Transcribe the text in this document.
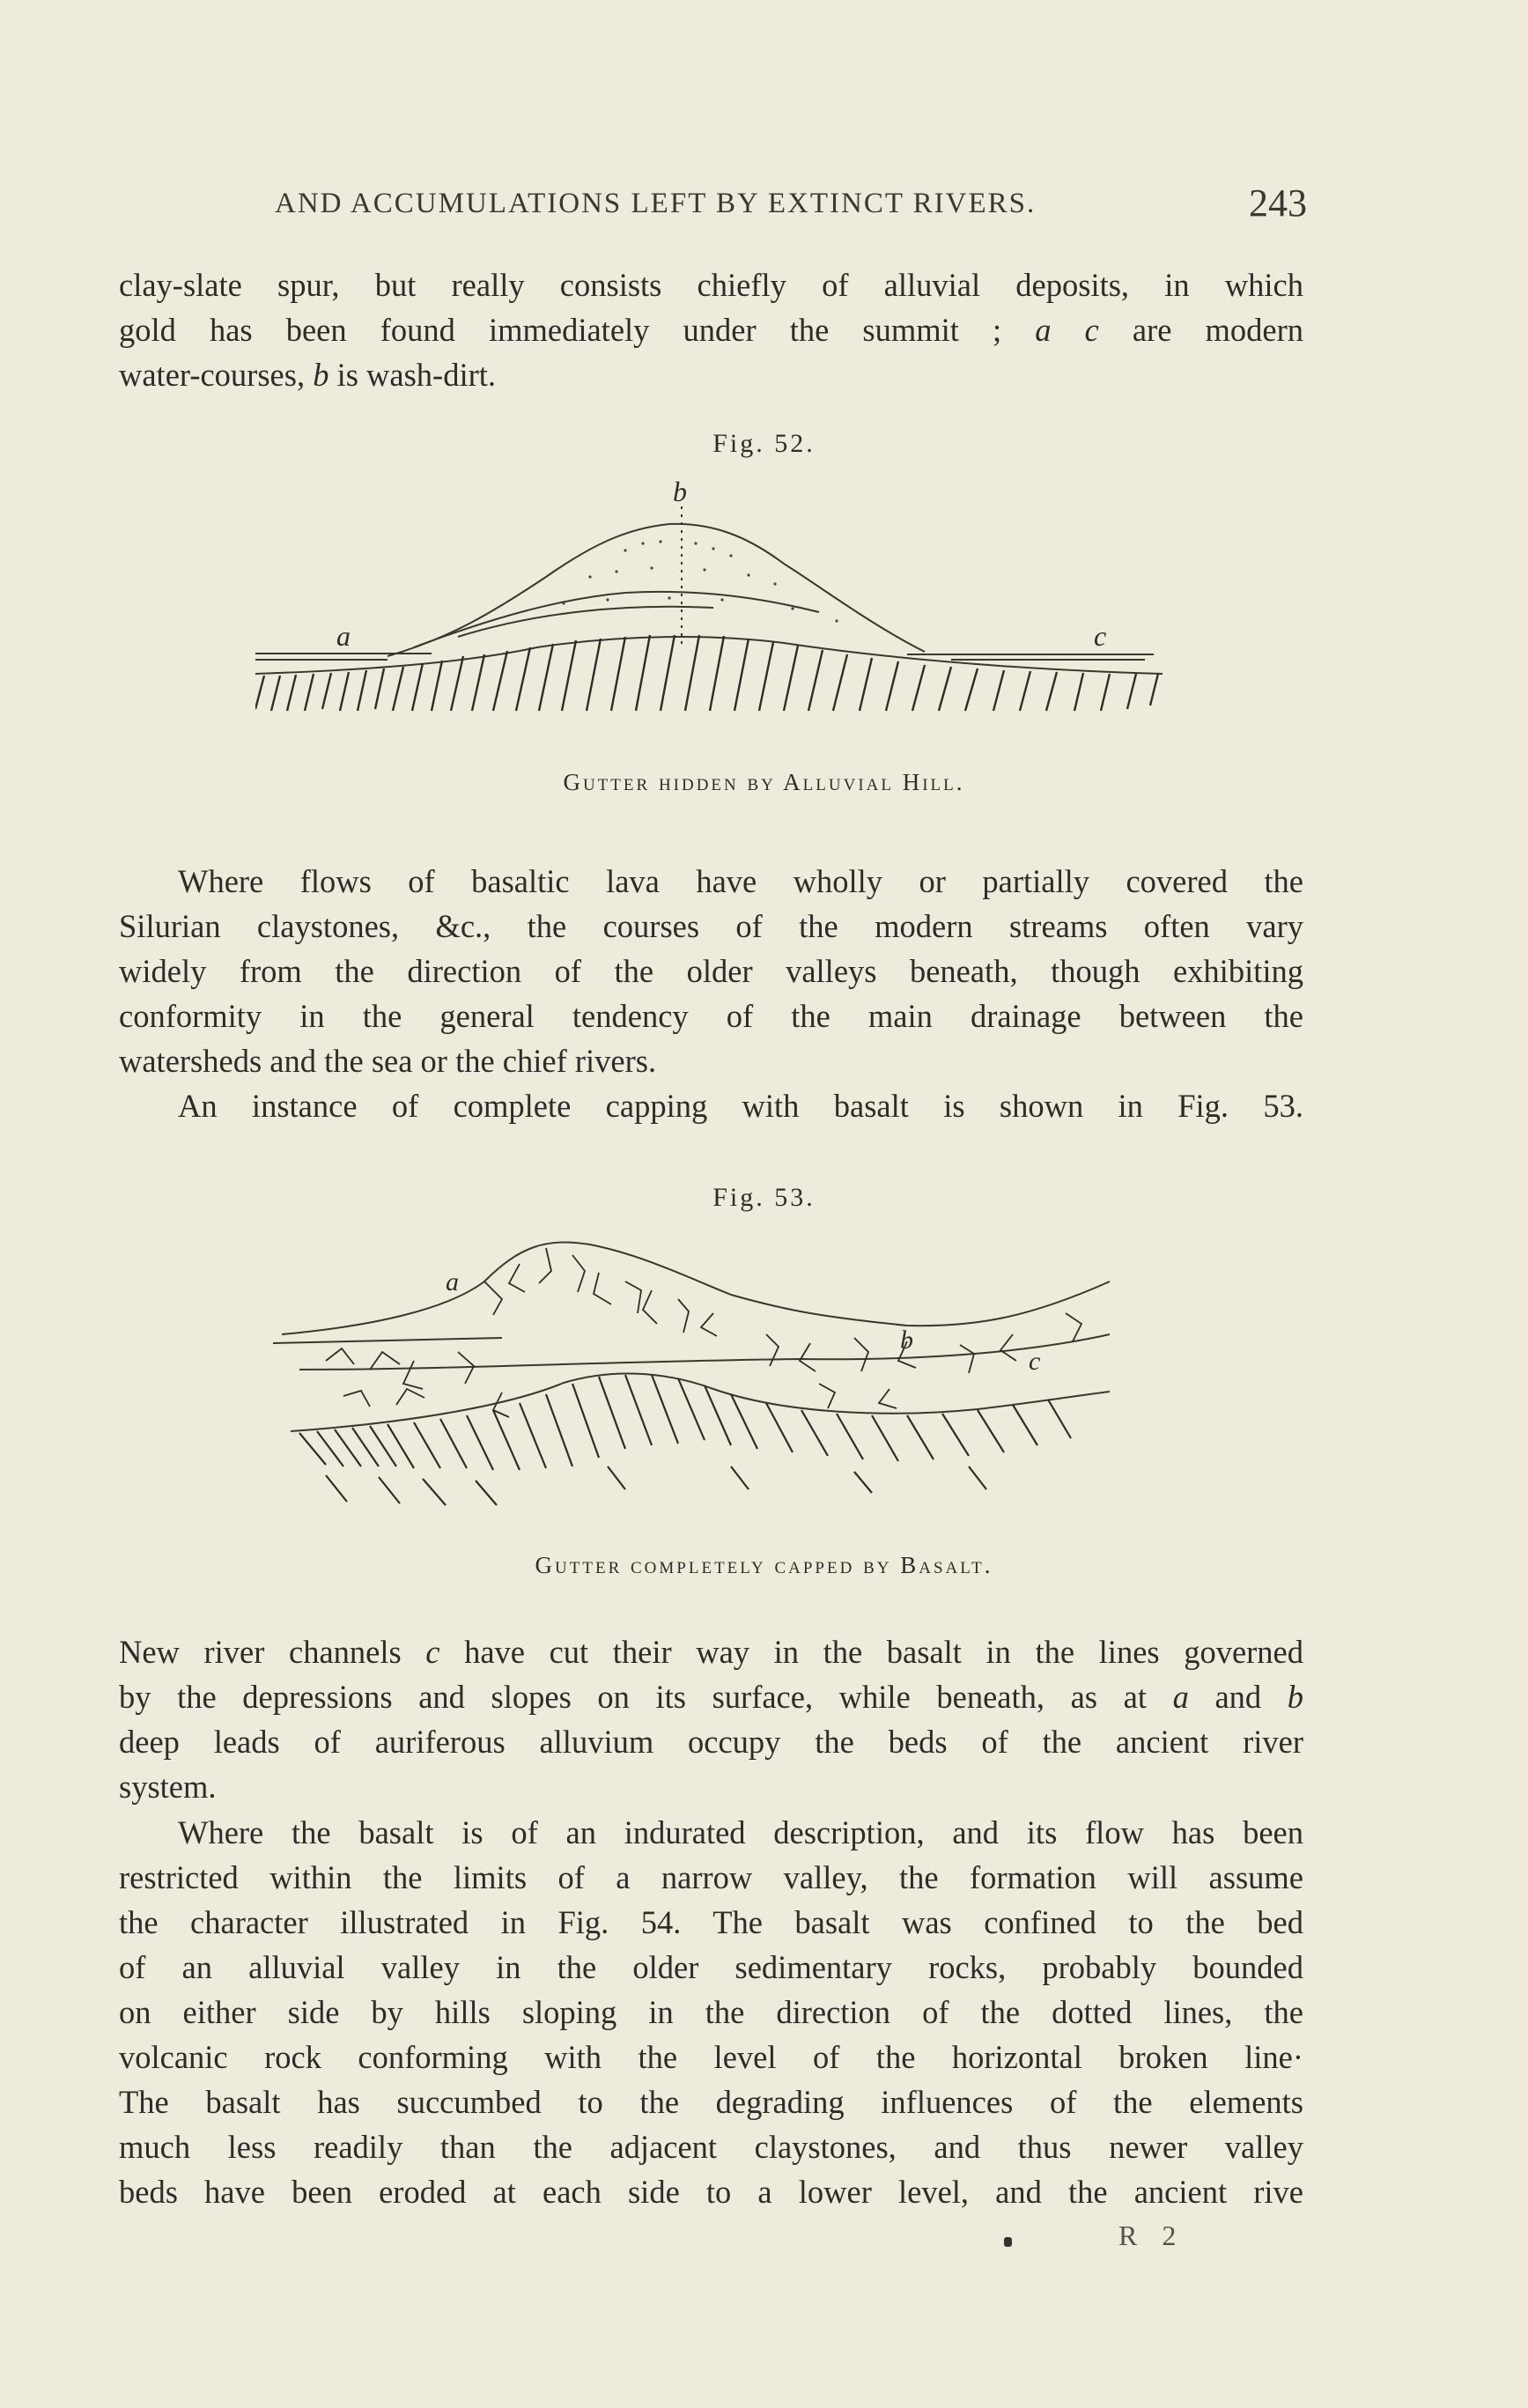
AND ACCUMULATIONS LEFT BY EXTINCT RIVERS.	243
clay-slate spur, but really consists chiefly of alluvial deposits, in which
gold has been found immediately under the summit ; a c are modern
water-courses, b is wash-dirt.
Fig. 52.
b
a	c
Gutter hidden by Alluvial Hill.
Where flows of basaltic lava have wholly or partially covered the
Silurian claystones, &c., the courses of the modern streams often vary
widely from the direction of the older valleys beneath, though exhibiting
conformity in the general tendency of the main drainage between the
watersheds and the sea or the chief rivers.
An instance of complete capping with basalt is shown in Fig. 53.
Fig. 53.
a
b
c
Gutter completely capped by Basalt.
New river channels c have cut their way in the basalt in the lines governed
by the depressions and slopes on its surface, while beneath, as at a and b
deep leads of auriferous alluvium occupy the beds of the ancient river
system.
Where the basalt is of an indurated description, and its flow has been
restricted within the limits of a narrow valley, the formation will assume
the character illustrated in Fig. 54. The basalt was confined to the bed
of an alluvial valley in the older sedimentary rocks, probably bounded
on either side by hills sloping in the direction of the dotted lines, the
volcanic rock conforming with the level of the horizontal broken line·
The basalt has succumbed to the degrading influences of the elements
much less readily than the adjacent claystones, and thus newer valley
beds have been eroded at each side to a lower level, and the ancient rive
R 2
